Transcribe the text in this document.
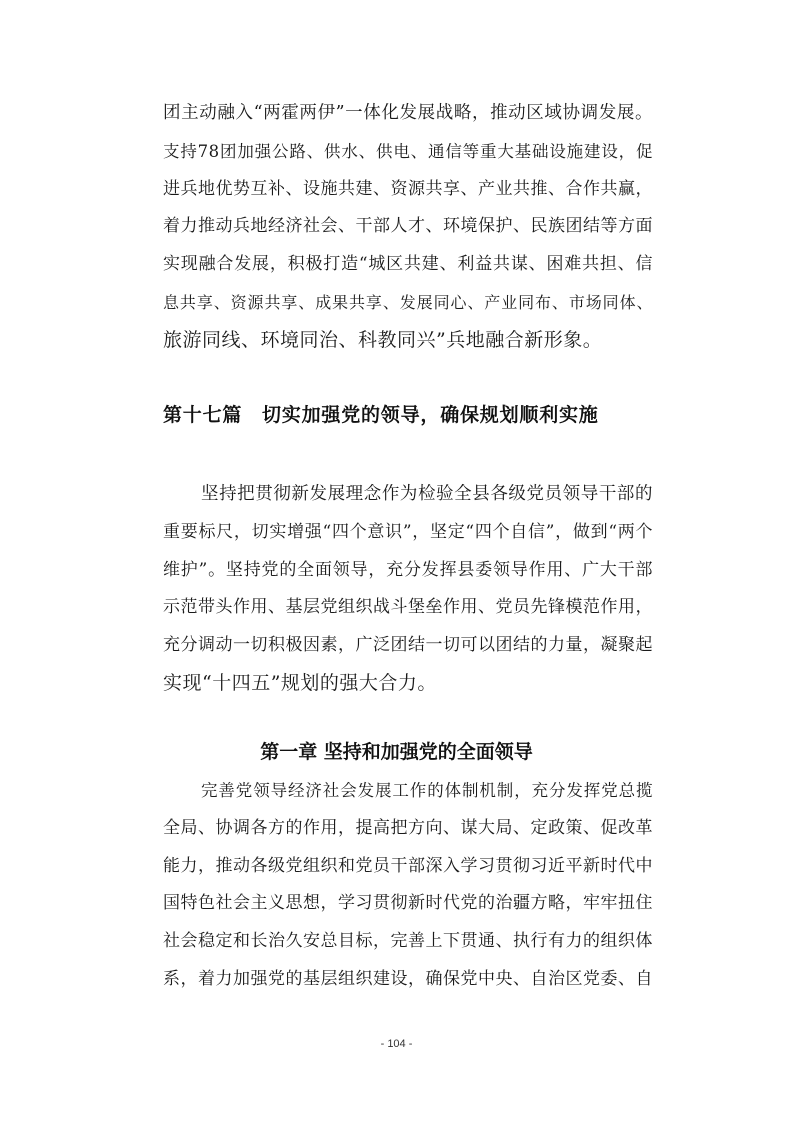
团主动融入“两霍两伊”一体化发展战略，推动区域协调发展。
支持78团加强公路、供水、供电、通信等重大基础设施建设，促
进兵地优势互补、设施共建、资源共享、产业共推、合作共赢，
着力推动兵地经济社会、干部人才、环境保护、民族团结等方面
实现融合发展，积极打造“城区共建、利益共谋、困难共担、信
息共享、资源共享、成果共享、发展同心、产业同布、市场同体、
旅游同线、环境同治、科教同兴”兵地融合新形象。
第十七篇　切实加强党的领导，确保规划顺利实施
坚持把贯彻新发展理念作为检验全县各级党员领导干部的
重要标尺，切实增强“四个意识”，坚定“四个自信”，做到“两个
维护”。坚持党的全面领导，充分发挥县委领导作用、广大干部
示范带头作用、基层党组织战斗堡垒作用、党员先锋模范作用，
充分调动一切积极因素，广泛团结一切可以团结的力量，凝聚起
实现“十四五”规划的强大合力。
第一章 坚持和加强党的全面领导
完善党领导经济社会发展工作的体制机制，充分发挥党总揽
全局、协调各方的作用，提高把方向、谋大局、定政策、促改革
能力，推动各级党组织和党员干部深入学习贯彻习近平新时代中
国特色社会主义思想，学习贯彻新时代党的治疆方略，牢牢扭住
社会稳定和长治久安总目标，完善上下贯通、执行有力的组织体
系，着力加强党的基层组织建设，确保党中央、自治区党委、自
- 104 -
